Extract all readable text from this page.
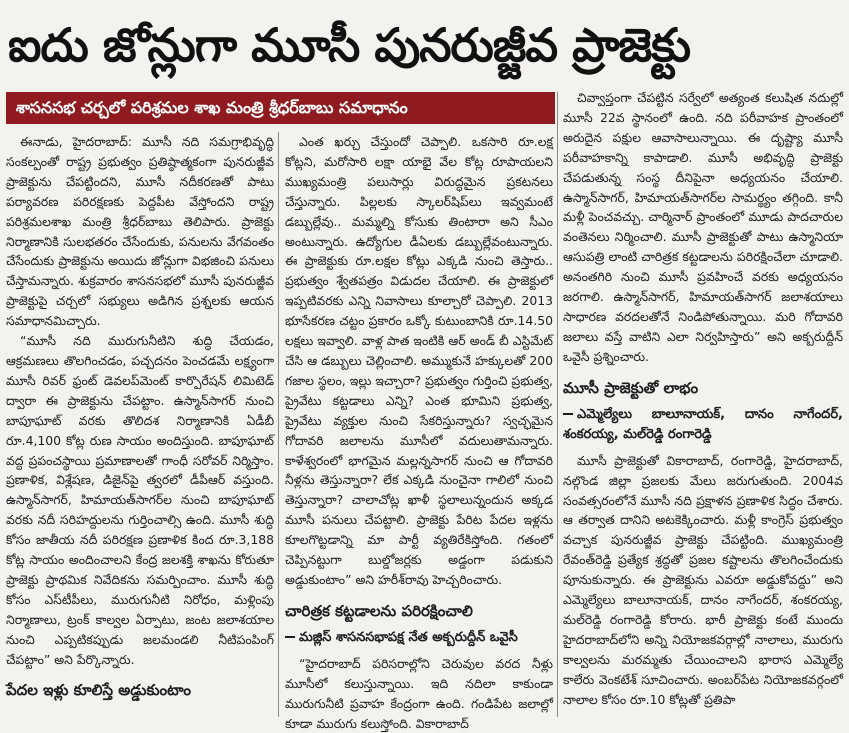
ఐదు జోన్లుగా మూసీ పునరుజ్జీవ ప్రాజెక్టు
శాసనసభ చర్చలో పరిశ్రమల శాఖ మంత్రి శ్రీధర్‌బాబు సమాధానం

ఈనాడు, హైదరాబాద్: మూసీ నది సమగ్రాభివృద్ధి సంకల్పంతో రాష్ట్ర ప్రభుత్వం ప్రతిష్ఠాత్మకంగా పునరుజ్జీవ ప్రాజెక్టును చేపట్టిందని, మూసీ నదీకరణతో పాటు పర్యావరణ పరిరక్షణకు పెద్దపీట వేస్తోందని రాష్ట్ర పరిశ్రమలశాఖ మంత్రి శ్రీధర్‌బాబు తెలిపారు. ప్రాజెక్టు నిర్మాణానికి సులభతరం చేసేందుకు, పనులను వేగవంతం చేసేందుకు ప్రాజెక్టును అయిదు జోన్లుగా విభజించి పనులు చేస్తామన్నారు. శుక్రవారం శాసనసభలో మూసీ పునరుజ్జీవ ప్రాజెక్టుపై చర్చలో సభ్యులు అడిగిన ప్రశ్నలకు ఆయన సమాధానమిచ్చారు.

“మూసీ నది మురుగునీటిని శుద్ధి చేయడం, ఆక్రమణలు తొలగించడం, పచ్చదనం పెంచడమే లక్ష్యంగా మూసీ రివర్ ఫ్రంట్ డెవలప్‌మెంట్ కార్పొరేషన్ లిమిటెడ్ ద్వారా ఈ ప్రాజెక్టును చేపట్టాం. ఉస్మాన్‌సాగర్ నుంచి బాపూఘాట్ వరకు తొలిదశ నిర్మాణానికి ఏడీబీ రూ.4,100 కోట్ల రుణ సాయం అందిస్తుంది. బాపూఘాట్ వద్ద ప్రపంచస్థాయి ప్రమాణాలతో గాంధీ సరోవర్ నిర్మిస్తాం. ప్రణాళిక, విశ్లేషణ, డిజైన్‌పై త్వరలో డీపీఆర్ వస్తుంది. ఉస్మాన్‌సాగర్, హిమాయత్‌సాగర్‌ల నుంచి బాపూఘాట్ వరకు నదీ సరిహద్దులను గుర్తించాల్సి ఉంది. మూసీ శుద్ధి కోసం జాతీయ నదీ పరిరక్షణ ప్రణాళిక కింద రూ.3,188 కోట్ల సాయం అందించాలని కేంద్ర జలశక్తి శాఖను కోరుతూ ప్రాజెక్టు ప్రాథమిక నివేదికను సమర్పించాం. మూసీ శుద్ధి కోసం ఎస్‌టీపీలు, మురుగునీటి నిరోధం, మళ్లింపు నిర్మాణాలు, ట్రంక్ కాల్వల ఏర్పాటు, జంట జలాశయాల నుంచి ఎప్పటికప్పుడు జలమండలి నీటిపంపింగ్ చేపట్టాం” అని పేర్కొన్నారు.

పేదల ఇళ్లు కూలిస్తే అడ్డుకుంటాం

ఎంత ఖర్చు చేస్తుందో చెప్పాలి. ఒకసారి రూ.లక్ష కోట్లని, మరోసారి లక్షా యాభై వేల కోట్ల రూపాయలని ముఖ్యమంత్రి పలుసార్లు విరుద్ధమైన ప్రకటనలు చేస్తున్నారు. పిల్లలకు స్కాలర్‌షిప్‌లు ఇవ్వమంటే డబ్బుల్లేవు.. మమ్మల్ని కోసుకు తింటారా అని సీఎం అంటున్నారు. ఉద్యోగుల డీఏలకు డబ్బుల్లేవంటున్నారు. ఈ ప్రాజెక్టుకు రూ.లక్షల కోట్లు ఎక్కడి నుంచి తెస్తారు.. ప్రభుత్వం శ్వేతపత్రం విడుదల చేయాలి. ఈ ప్రాజెక్టులో ఇప్పటివరకు ఎన్ని నివాసాలు కూల్చారో చెప్పాలి. 2013 భూసేకరణ చట్టం ప్రకారం ఒక్కో కుటుంబానికి రూ.14.50 లక్షలు ఇవ్వాలి. వాళ్ల పాత ఇంటికి ఆర్ అండ్ బీ ఎస్టిమేట్ చేసి ఆ డబ్బులు చెల్లించాలి. అమ్ముకునే హక్కులతో 200 గజాల స్థలం, ఇల్లు ఇచ్చారా? ప్రభుత్వం గుర్తించి ప్రభుత్వ, ప్రైవేటు కట్టడాలు ఎన్ని? ఎంత భూమిని ప్రభుత్వ, ప్రైవేటు వ్యక్తుల నుంచి సేకరిస్తున్నారు? స్వచ్ఛమైన గోదావరి జలాలను మూసీలో వదులుతామన్నారు. కాళేశ్వరంలో భాగమైన మల్లన్నసాగర్ నుంచి ఆ గోదావరి నీళ్లను తెస్తున్నారా? లేక ఎక్కడి నుంచైనా గాలిలో నుంచి తెస్తున్నారా? చాలాచోట్ల ఖాళీ స్థలాలున్నందున అక్కడ మూసీ పనులు చేపట్టాలి. ప్రాజెక్టు పేరిట పేదల ఇళ్లను కూలగొట్టడాన్ని మా పార్టీ వ్యతిరేకిస్తోంది. గతంలో చెప్పినట్టుగా బుల్డోజర్లకు అడ్డంగా పడుకుని అడ్డుకుంటాం” అని హరీశ్‌రావు హెచ్చరించారు.

చారిత్రక కట్టడాలను పరిరక్షించాలి
మజ్లిస్ శాసనసభాపక్ష నేత అక్బరుద్దీన్ ఒవైసీ

“హైదరాబాద్ పరిసరాల్లోని చెరువుల వరద నీళ్లు మూసీలో కలుస్తున్నాయి. ఇది నదిలా కాకుండా మురుగునీటి ప్రవాహ కేంద్రంగా ఉంది. గండిపేట జలాల్లో కూడా మురుగు కలుస్తోంది. వికారాబాద్

చివ్వాప్తంగా చేపట్టిన సర్వేలో అత్యంత కలుషిత నదుల్లో మూసీ 22వ స్థానంలో ఉంది. నది పరీవాహక ప్రాంతంలో అరుదైన పక్షుల ఆవాసాలున్నాయి. ఈ దృష్ట్యా మూసీ పరీవాహకాన్ని కాపాడాలి. మూసీ అభివృద్ధి ప్రాజెక్టు చేపడుతున్న సంస్థ దీనిపైనా అధ్యయనం చేయాలి. ఉస్మాన్‌సాగర్, హిమాయత్‌సాగర్‌ల సామర్థ్యం తగ్గింది. కానీ మళ్లీ పెంచవచ్చు. చార్మినార్ ప్రాంతంలో మూడు పాదచారుల వంతెనలు నిర్మించాలి. మూసీ ప్రాజెక్టుతో పాటు ఉస్మానియా ఆసుపత్రి లాంటి చారిత్రక కట్టడాలను పరిరక్షించేలా చూడాలి. అనంతగిరి నుంచి మూసీ ప్రవహించే వరకు అధ్యయనం జరగాలి. ఉస్మాన్‌సాగర్, హిమాయత్‌సాగర్ జలాశయాలు సాధారణ వరదలతోనే నిండిపోతున్నాయి. మరి గోదావరి జలాలు వస్తే వాటిని ఎలా నిర్వహిస్తారు” అని అక్బరుద్దీన్ ఒవైసీ ప్రశ్నించారు.

మూసీ ప్రాజెక్టుతో లాభం
ఎమ్మెల్యేలు బాలూనాయక్, దానం నాగేందర్, శంకరయ్య, మల్‌రెడ్డి రంగారెడ్డి

మూసీ ప్రాజెక్టుతో వికారాబాద్, రంగారెడ్డి, హైదరాబాద్, నల్గొండ జిల్లా ప్రజలకు మేలు జరుగుతుంది. 2004వ సంవత్సరంలోనే మూసీ నది ప్రక్షాళన ప్రణాళిక సిద్ధం చేశారు. ఆ తర్వాత దానిని అటకెక్కించారు. మళ్లీ కాంగ్రెస్ ప్రభుత్వం వచ్చాక పునరుజ్జీవ ప్రాజెక్టు చేపట్టింది. ముఖ్యమంత్రి రేవంత్‌రెడ్డి ప్రత్యేక శ్రద్ధతో ప్రజల కష్టాలను తొలగించేందుకు పూనుకున్నారు. ఈ ప్రాజెక్టును ఎవరూ అడ్డుకోవద్దు” అని ఎమ్మెల్యేలు బాలూనాయక్, దానం నాగేందర్, శంకరయ్య, మల్‌రెడ్డి రంగారెడ్డి కోరారు. భారీ ప్రాజెక్టు కంటే ముందు హైదరాబాద్‌లోని అన్ని నియోజకవర్గాల్లో నాలాలు, మురుగు కాల్వలను మరమ్మతు చేయించాలని భారాస ఎమ్మెల్యే కాలేరు వెంకటేశ్ సూచించారు. అంబర్‌పేట నియోజకవర్గంలో నాలాల కోసం రూ.10 కోట్లతో ప్రతిపా
